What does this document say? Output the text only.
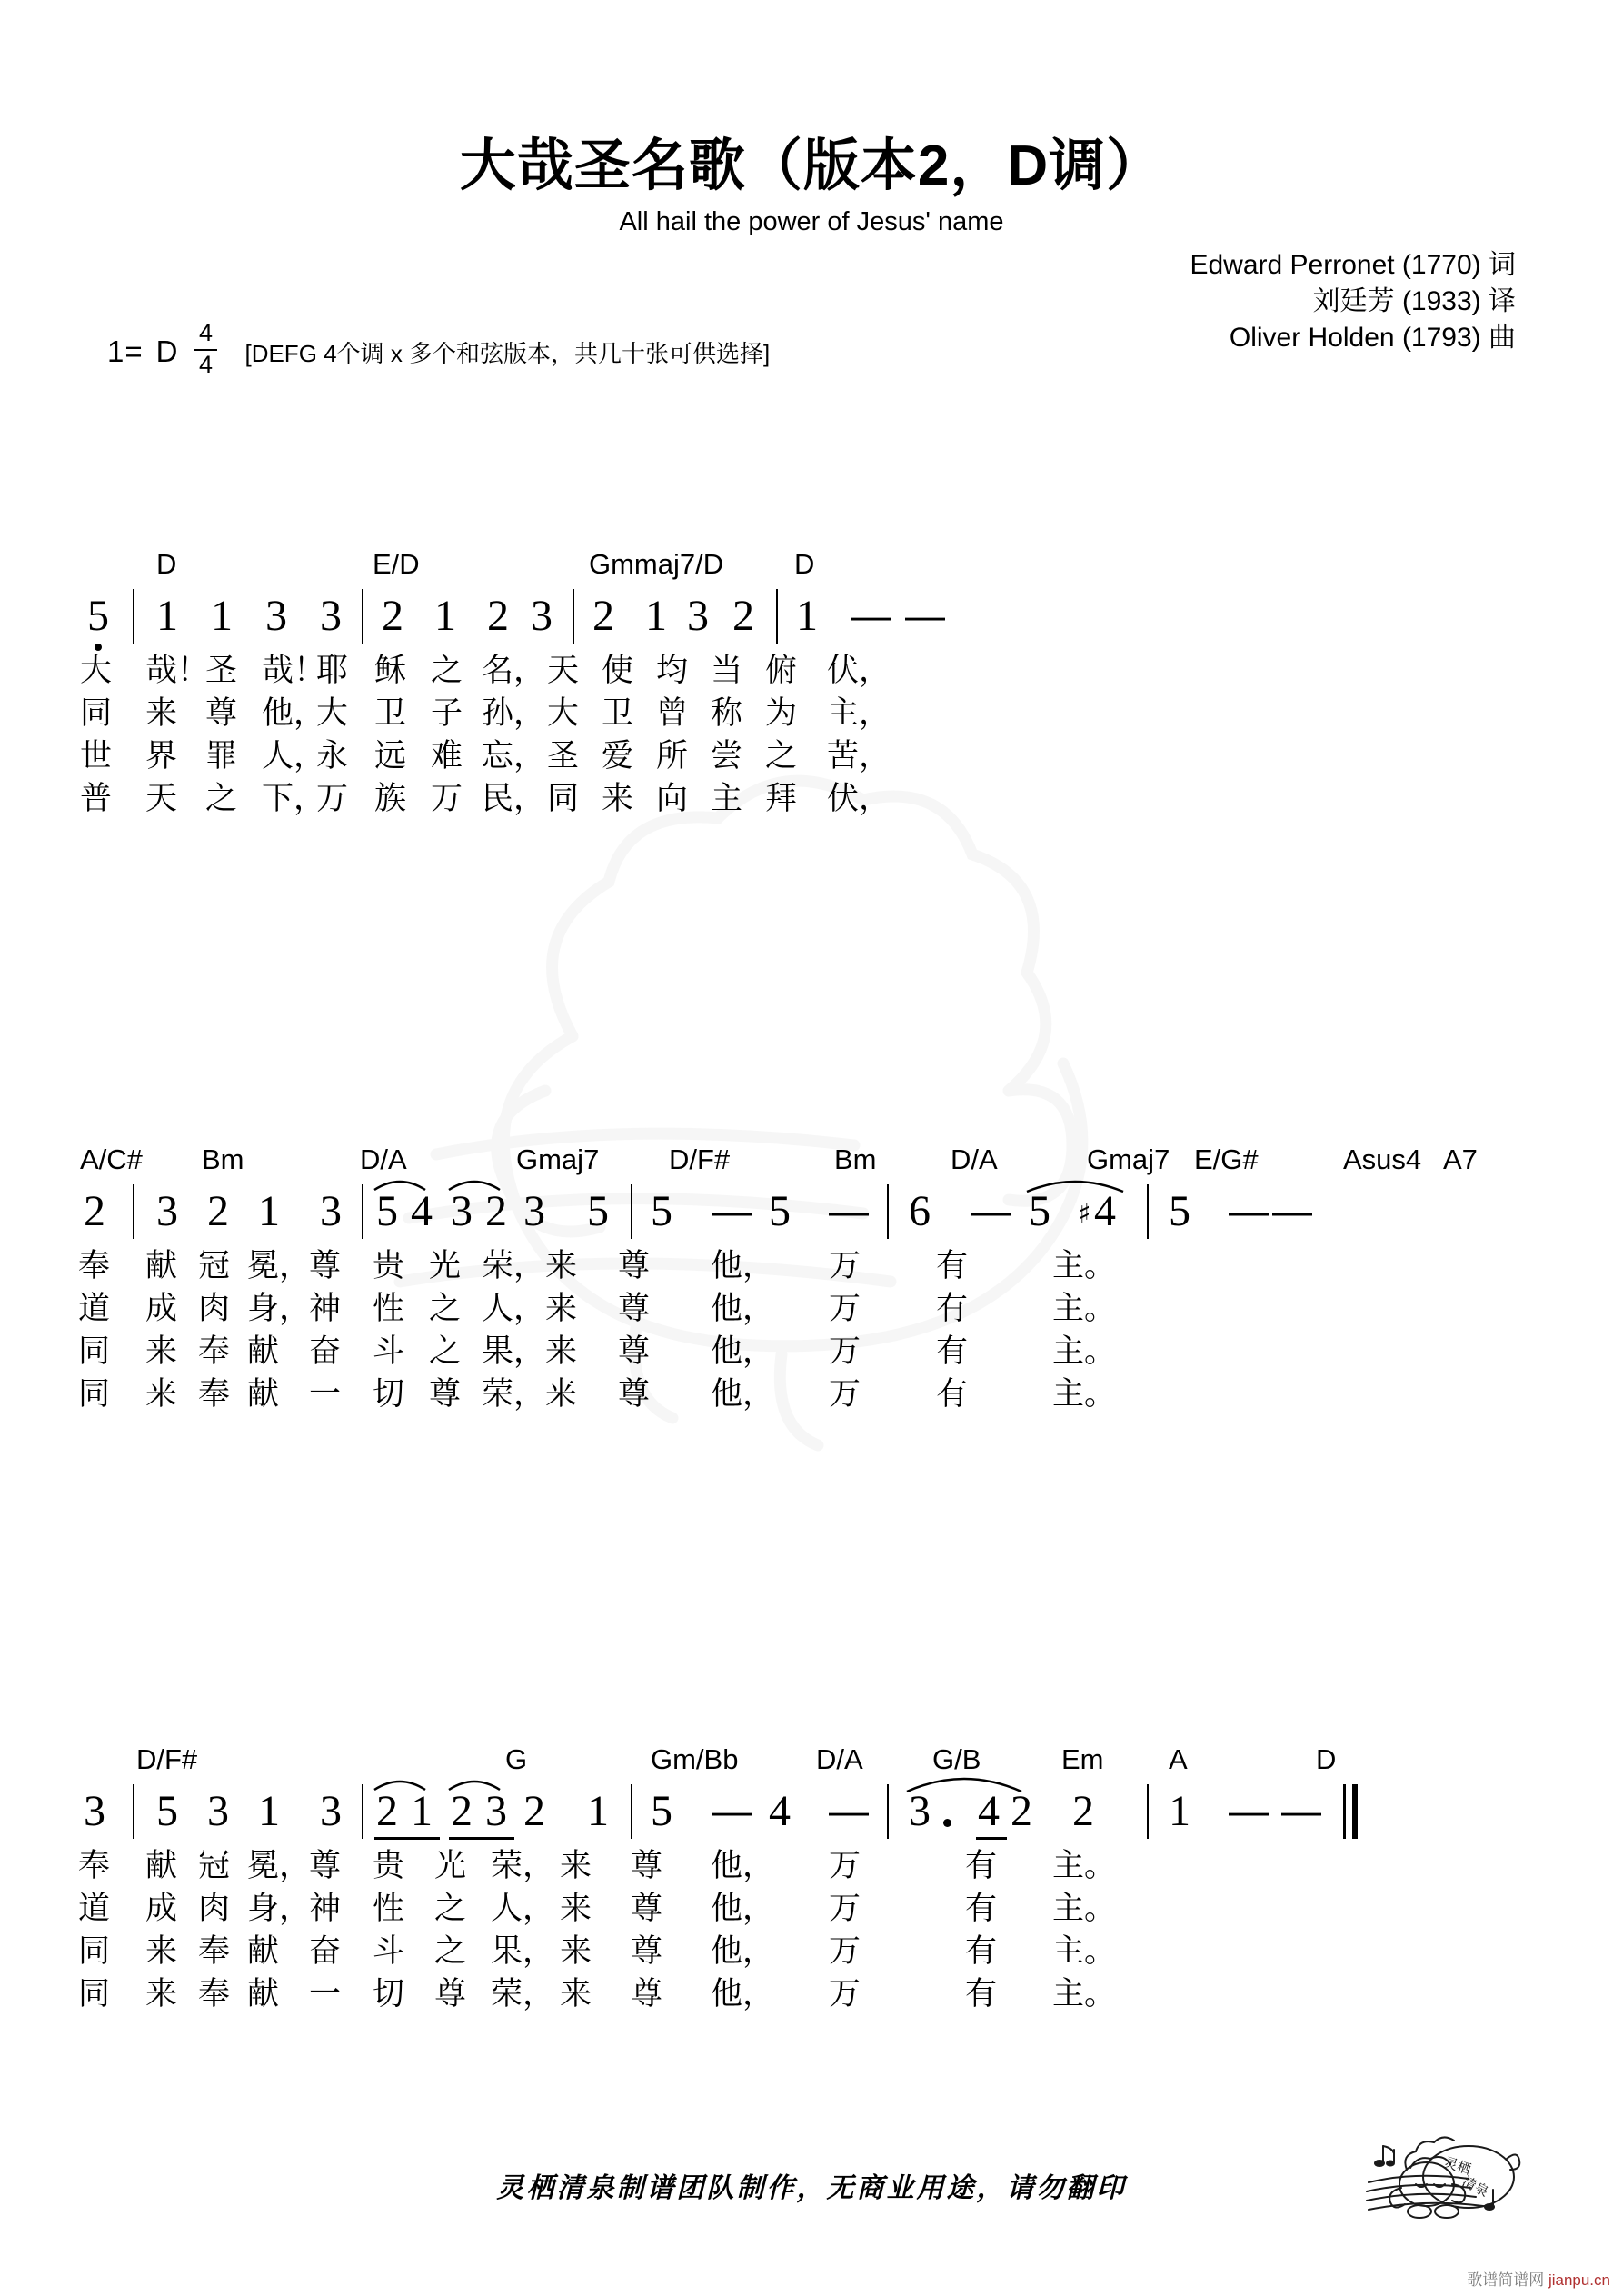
大哉圣名歌（版本2，D调）
All hail the power of Jesus' name
Edward Perronet (1770) 词
刘廷芳 (1933) 译
Oliver Holden (1793) 曲
1= D
4
4 [DEFG 4个调 x 多个和弦版本，共几十张可供选择]
D	E/D	Gmmaj7/D	D
5 1 1 3 3 2 1 2 3 2 1 3 2 1 — —
大 哉！
圣 哉！
耶 稣 之 名， 天 使 均 当 俯 伏，
同 来 尊 他，
大 卫 子 孙， 大 卫 曾 称 为 主，
世 界 罪 人，
永 远 难 忘， 圣 爱 所 尝 之 苦，
普 天 之 下，
万 族 万 民， 同 来 向 主 拜 伏，
A/C# Bm	D/A	Gmaj7 D/F#	Bm	D/A	Gmaj7 E/G#	Asus4 A7
2 3 2 1 3 5 4 3 2 3 5 5 — 5 — 6 — 5 ♯ 4 5 — —
奉 献 冠 冕，
尊 贵 光 荣， 来 尊 他， 万 有	主。
道 成 肉 身，
神 性 之 人， 来 尊 他， 万 有	主。
同 来 奉 献 奋 斗 之 果， 来 尊 他， 万 有	主。
同 来 奉 献 一 切 尊 荣， 来 尊 他， 万 有	主。
D/F#	G	Gm/Bb	D/A G/B	Em A	D
3 5 3 1 3 2 1 2 3 2 1 5 — 4 — 3 4 2 2 1 — —
奉 献 冠 冕，
尊 贵 光 荣， 来 尊 他， 万	有 主。
道 成 肉 身，
神 性 之 人， 来 尊 他， 万	有 主。
同 来 奉 献 奋 斗 之 果， 来 尊 他， 万	有 主。
同 来 奉 献 一 切 尊 荣， 来 尊 他， 万	有 主。
灵栖清泉制谱团队制作，无商业用途，请勿翻印
灵栖
清泉
歌谱简谱网 jianpu.cn
